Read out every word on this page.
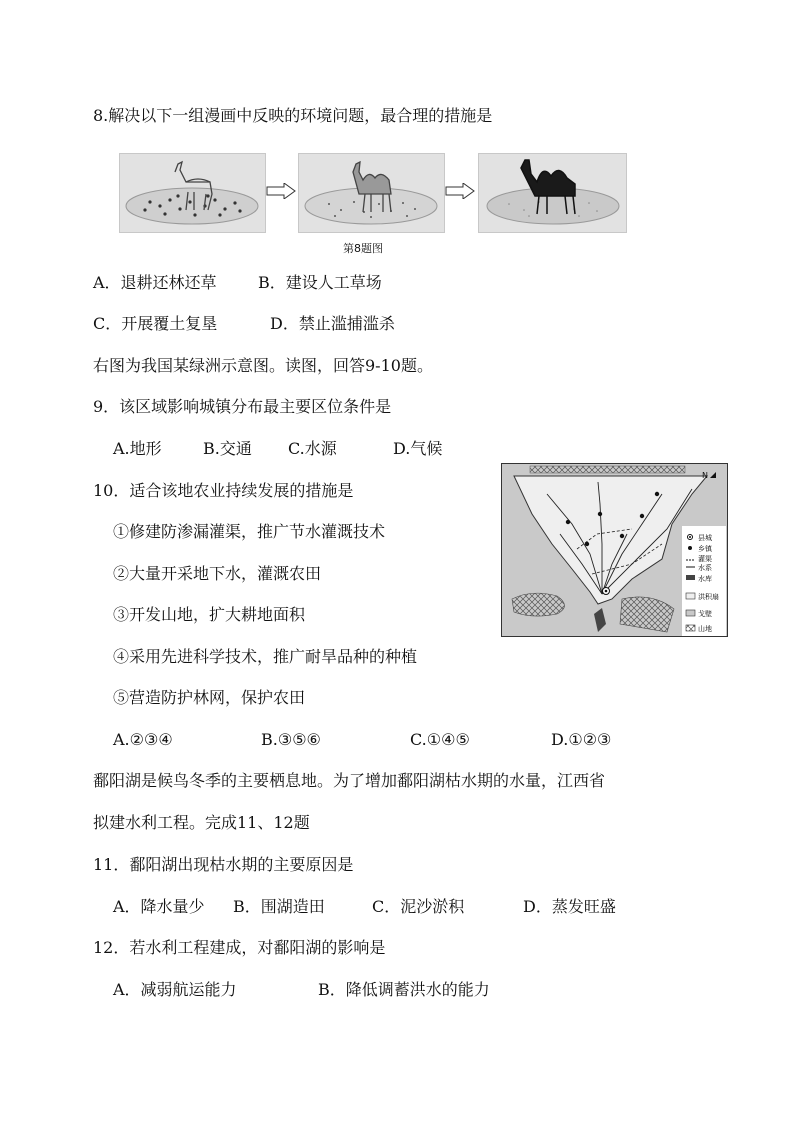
8.解决以下一组漫画中反映的环境问题，最合理的措施是
第8题图
A．退耕还林还草	B．建设人工草场
C．开展覆土复垦	D．禁止滥捕滥杀
右图为我国某绿洲示意图。读图，回答9-10题。
9．该区域影响城镇分布最主要区位条件是
A.地形	B.交通 C.水源	D.气候
10．适合该地农业持续发展的措施是
①修建防渗漏灌渠，推广节水灌溉技术
②大量开采地下水，灌溉农田
③开发山地，扩大耕地面积
④采用先进科学技术，推广耐旱品种的种植
⑤营造防护林网，保护农田
A.②③④	B.③⑤⑥	C.①④⑤	D.①②③
N
县城
乡镇
灌渠
水系
水库
洪积扇
戈壁
山地
鄱阳湖是候鸟冬季的主要栖息地。为了增加鄱阳湖枯水期的水量，江西省
拟建水利工程。完成11、12题
11．鄱阳湖出现枯水期的主要原因是
A．降水量少 B．围湖造田	C．泥沙淤积	D．蒸发旺盛
12．若水利工程建成，对鄱阳湖的影响是
A．减弱航运能力	B．降低调蓄洪水的能力
